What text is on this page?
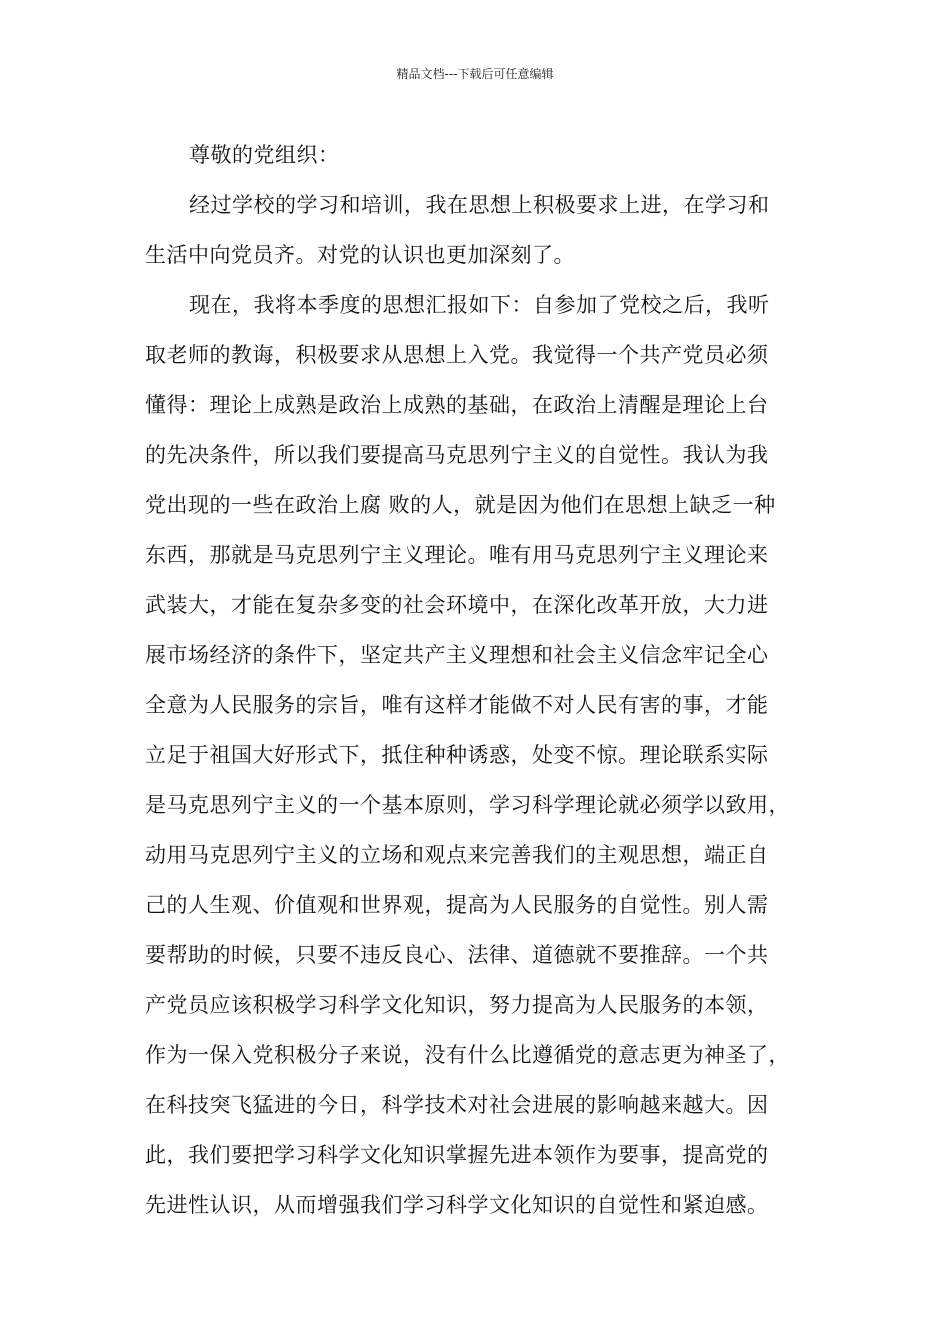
精品文档---下载后可任意编辑
尊敬的党组织：
经过学校的学习和培训，我在思想上积极要求上进，在学习和
生活中向党员齐。对党的认识也更加深刻了。
现在，我将本季度的思想汇报如下：自参加了党校之后，我听
取老师的教诲，积极要求从思想上入党。我觉得一个共产党员必须
懂得：理论上成熟是政治上成熟的基础，在政治上清醒是理论上台
的先决条件，所以我们要提高马克思列宁主义的自觉性。我认为我
党出现的一些在政治上腐 败的人，就是因为他们在思想上缺乏一种
东西，那就是马克思列宁主义理论。唯有用马克思列宁主义理论来
武装大，才能在复杂多变的社会环境中，在深化改革开放，大力进
展市场经济的条件下，坚定共产主义理想和社会主义信念牢记全心
全意为人民服务的宗旨，唯有这样才能做不对人民有害的事，才能
立足于祖国大好形式下，抵住种种诱惑，处变不惊。理论联系实际
是马克思列宁主义的一个基本原则，学习科学理论就必须学以致用，
动用马克思列宁主义的立场和观点来完善我们的主观思想，端正自
己的人生观、价值观和世界观，提高为人民服务的自觉性。别人需
要帮助的时候，只要不违反良心、法律、道德就不要推辞。一个共
产党员应该积极学习科学文化知识，努力提高为人民服务的本领，
作为一保入党积极分子来说，没有什么比遵循党的意志更为神圣了，
在科技突飞猛进的今日，科学技术对社会进展的影响越来越大。因
此，我们要把学习科学文化知识掌握先进本领作为要事，提高党的
先进性认识，从而增强我们学习科学文化知识的自觉性和紧迫感。
